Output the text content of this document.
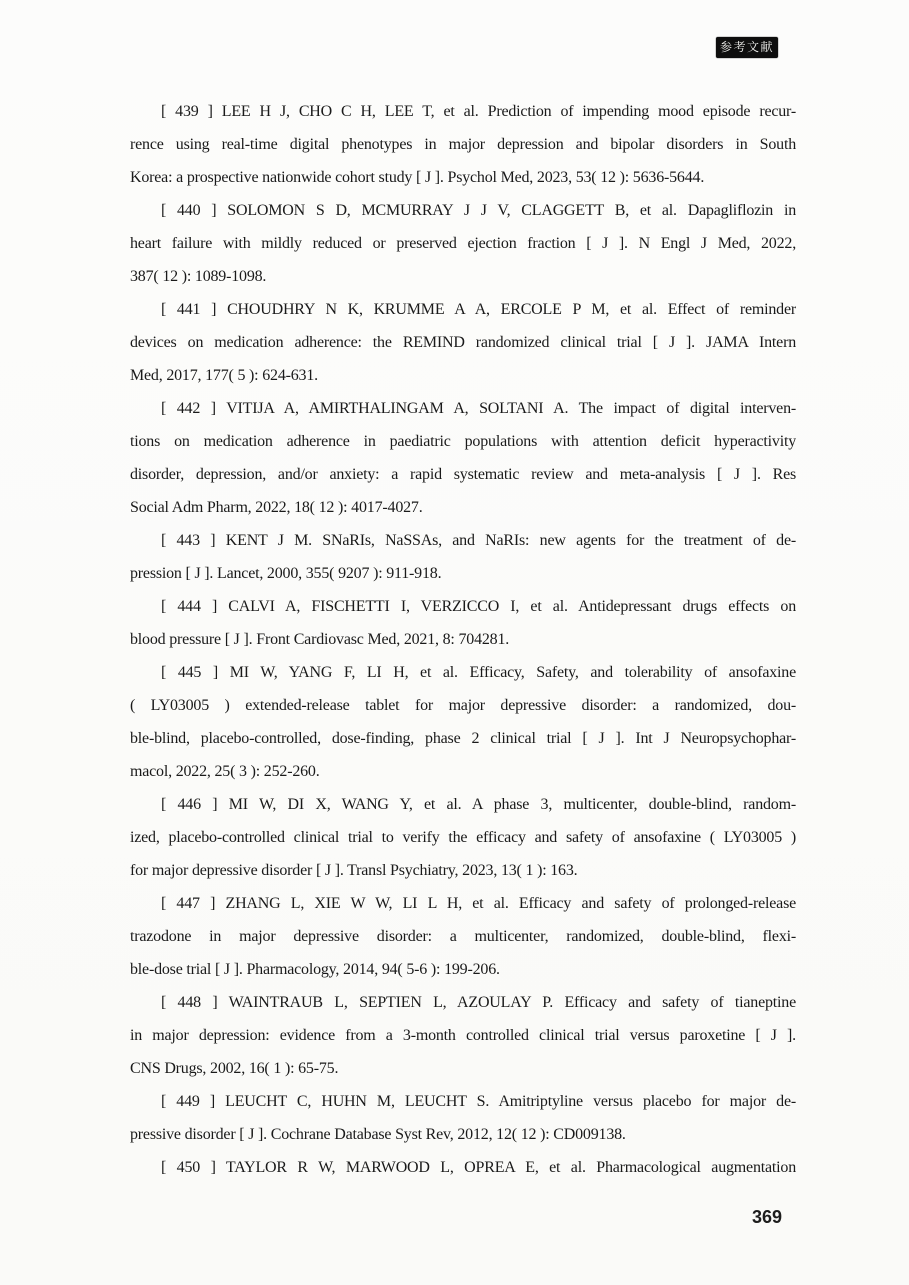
参考文献
[ 439 ] LEE H J, CHO C H, LEE T, et al. Prediction of impending mood episode recur-
rence using real-time digital phenotypes in major depression and bipolar disorders in South
Korea: a prospective nationwide cohort study [ J ]. Psychol Med, 2023, 53( 12 ): 5636-5644.
[ 440 ] SOLOMON S D, MCMURRAY J J V, CLAGGETT B, et al. Dapagliflozin in
heart failure with mildly reduced or preserved ejection fraction [ J ]. N Engl J Med, 2022,
387( 12 ): 1089-1098.
[ 441 ] CHOUDHRY N K, KRUMME A A, ERCOLE P M, et al. Effect of reminder
devices on medication adherence: the REMIND randomized clinical trial [ J ]. JAMA Intern
Med, 2017, 177( 5 ): 624-631.
[ 442 ] VITIJA A, AMIRTHALINGAM A, SOLTANI A. The impact of digital interven-
tions on medication adherence in paediatric populations with attention deficit hyperactivity
disorder, depression, and/or anxiety: a rapid systematic review and meta-analysis [ J ]. Res
Social Adm Pharm, 2022, 18( 12 ): 4017-4027.
[ 443 ] KENT J M. SNaRIs, NaSSAs, and NaRIs: new agents for the treatment of de-
pression [ J ]. Lancet, 2000, 355( 9207 ): 911-918.
[ 444 ] CALVI A, FISCHETTI I, VERZICCO I, et al. Antidepressant drugs effects on
blood pressure [ J ]. Front Cardiovasc Med, 2021, 8: 704281.
[ 445 ] MI W, YANG F, LI H, et al. Efficacy, Safety, and tolerability of ansofaxine
( LY03005 ) extended-release tablet for major depressive disorder: a randomized, dou-
ble-blind, placebo-controlled, dose-finding, phase 2 clinical trial [ J ]. Int J Neuropsychophar-
macol, 2022, 25( 3 ): 252-260.
[ 446 ] MI W, DI X, WANG Y, et al. A phase 3, multicenter, double-blind, random-
ized, placebo-controlled clinical trial to verify the efficacy and safety of ansofaxine ( LY03005 )
for major depressive disorder [ J ]. Transl Psychiatry, 2023, 13( 1 ): 163.
[ 447 ] ZHANG L, XIE W W, LI L H, et al. Efficacy and safety of prolonged-release
trazodone in major depressive disorder: a multicenter, randomized, double-blind, flexi-
ble-dose trial [ J ]. Pharmacology, 2014, 94( 5-6 ): 199-206.
[ 448 ] WAINTRAUB L, SEPTIEN L, AZOULAY P. Efficacy and safety of tianeptine
in major depression: evidence from a 3-month controlled clinical trial versus paroxetine [ J ].
CNS Drugs, 2002, 16( 1 ): 65-75.
[ 449 ] LEUCHT C, HUHN M, LEUCHT S. Amitriptyline versus placebo for major de-
pressive disorder [ J ]. Cochrane Database Syst Rev, 2012, 12( 12 ): CD009138.
[ 450 ] TAYLOR R W, MARWOOD L, OPREA E, et al. Pharmacological augmentation
369
